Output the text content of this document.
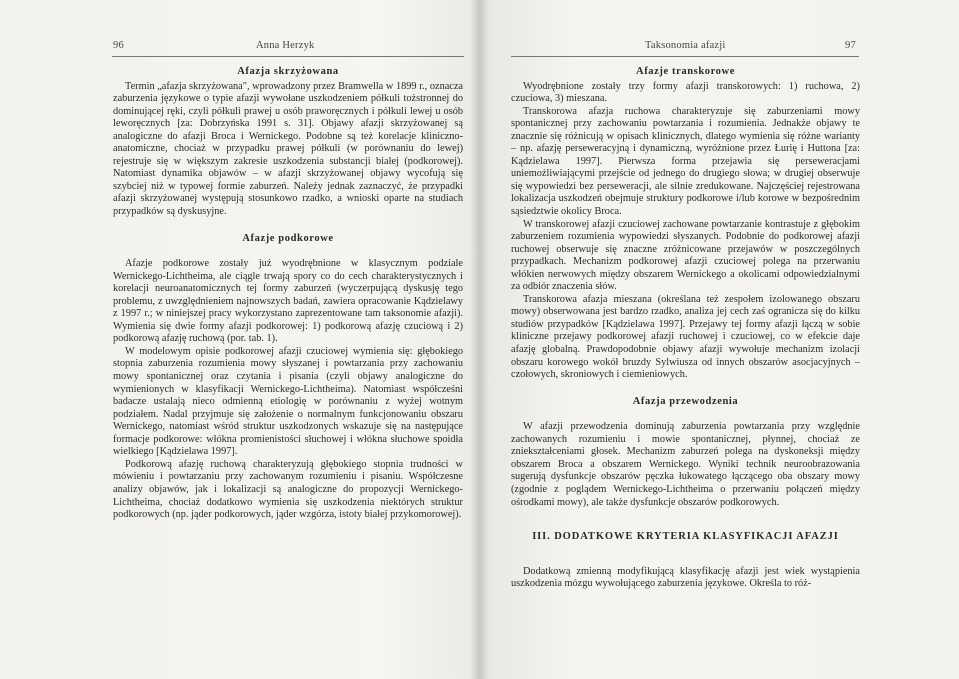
96	Anna Herzyk
Afazja skrzyżowana

Termin „afazja skrzyżowana", wprowadzony przez Bramwella w 1899 r., oznacza zaburzenia językowe o typie afazji wywołane uszkodzeniem półkuli tożstronnej do dominującej ręki, czyli półkuli prawej u osób praworęcznych i półkuli lewej u osób leworęcznych [za: Dobrzyńska 1991 s. 31]. Objawy afazji skrzyżowanej są analogiczne do afazji Broca i Wernickego. Podobne są też korelacje kliniczno-anatomiczne, chociaż w przypadku prawej półkuli (w porównaniu do lewej) rejestruje się w większym zakresie uszkodzenia substancji białej (podkorowej). Natomiast dynamika objawów – w afazji skrzyżowanej objawy wycofują się szybciej niż w typowej formie zaburzeń. Należy jednak zaznaczyć, że przypadki afazji skrzyżowanej występują stosunkowo rzadko, a wnioski oparte na studiach przypadków są dyskusyjne.

Afazje podkorowe

Afazje podkorowe zostały już wyodrębnione w klasycznym podziale Wernickego-Lichtheima, ale ciągle trwają spory co do cech charakterystycznych i korelacji neuroanatomicznych tej formy zaburzeń (wyczerpującą dyskusję tego problemu, z uwzględnieniem najnowszych badań, zawiera opracowanie Kądzielawy z 1997 r.; w niniejszej pracy wykorzystano zaprezentowane tam taksonomie afazji). Wymienia się dwie formy afazji podkorowej: 1) podkorową afazję czuciową i 2) podkorową afazję ruchową (por. tab. 1).

W modelowym opisie podkorowej afazji czuciowej wymienia się: głębokiego stopnia zaburzenia rozumienia mowy słyszanej i powtarzania przy zachowaniu mowy spontanicznej oraz czytania i pisania (czyli objawy analogiczne do wymienionych w klasyfikacji Wernickego-Lichtheima). Natomiast współcześni badacze ustalają nieco odmienną etiologię w porównaniu z wyżej wotnym podziałem. Nadal przyjmuje się założenie o normalnym funkcjonowaniu obszaru Wernickego, natomiast wśród struktur uszkodzonych wskazuje się na następujące formacje podkorowe: włókna promienistości słuchowej i włókna słuchowe spoidła wielkiego [Kądzielawa 1997].

Podkorową afazję ruchową charakteryzują głębokiego stopnia trudności w mówieniu i powtarzaniu przy zachowanym rozumieniu i pisaniu. Współczesne analizy objawów, jak i lokalizacji są analogiczne do propozycji Wernickego-Lichtheima, chociaż dodatkowo wymienia się uszkodzenia niektórych struktur podkorowych (np. jąder podkorowych, jąder wzgórza, istoty białej przykomorowej).

Taksonomia afazji	97
Afazje transkorowe

Wyodrębnione zostały trzy formy afazji transkorowych: 1) ruchowa, 2) czuciowa, 3) mieszana.

Transkorowa afazja ruchowa charakteryzuje się zaburzeniami mowy spontanicznej przy zachowaniu powtarzania i rozumienia. Jednakże objawy te znacznie się różnicują w opisach klinicznych, dlatego wymienia się różne warianty – np. afazję perseweracyjną i dynamiczną, wyróżnione przez Łurię i Huttona [za: Kądzielawa 1997]. Pierwsza forma przejawia się perseweracjami uniemożliwiającymi przejście od jednego do drugiego słowa; w drugiej obserwuje się wypowiedzi bez perseweracji, ale silnie zredukowane. Najczęściej rejestrowana lokalizacja uszkodzeń obejmuje struktury podkorowe i/lub korowe w bezpośrednim sąsiedztwie okolicy Broca.

W transkorowej afazji czuciowej zachowane powtarzanie kontrastuje z głębokim zaburzeniem rozumienia wypowiedzi słyszanych. Podobnie do podkorowej afazji ruchowej obserwuje się znaczne zróżnicowane przejawów w poszczególnych przypadkach. Mechanizm podkorowej afazji czuciowej polega na przerwaniu włókien nerwowych między obszarem Wernickego a okolicami odpowiedzialnymi za odbiór znaczenia słów.

Transkorowa afazja mieszana (określana też zespołem izolowanego obszaru mowy) obserwowana jest bardzo rzadko, analiza jej cech zaś ogranicza się do kilku studiów przypadków [Kądzielawa 1997]. Przejawy tej formy afazji łączą w sobie kliniczne przejawy podkorowej afazji ruchowej i czuciowej, co w efekcie daje afazję globalną. Prawdopodobnie objawy afazji wywołuje mechanizm izolacji obszaru korowego wokół bruzdy Sylwiusza od innych obszarów asocjacyjnych – czołowych, skroniowych i ciemieniowych.

Afazja przewodzenia

W afazji przewodzenia dominują zaburzenia powtarzania przy względnie zachowanych rozumieniu i mowie spontanicznej, płynnej, chociaż ze zniekształceniami głosek. Mechanizm zaburzeń polega na dyskoneksji między obszarem Broca a obszarem Wernickego. Wyniki technik neuroobrazowania sugerują dysfunkcje obszarów pęczka łukowatego łączącego oba obszary mowy (zgodnie z poglądem Wernickego-Lichtheima o przerwaniu połączeń między ośrodkami mowy), ale także dysfunkcje obszarów podkorowych.

III. DODATKOWE KRYTERIA KLASYFIKACJI AFAZJI

Dodatkową zmienną modyfikującą klasyfikację afazji jest wiek wystąpienia uszkodzenia mózgu wywołującego zaburzenia językowe. Określa to róż-
